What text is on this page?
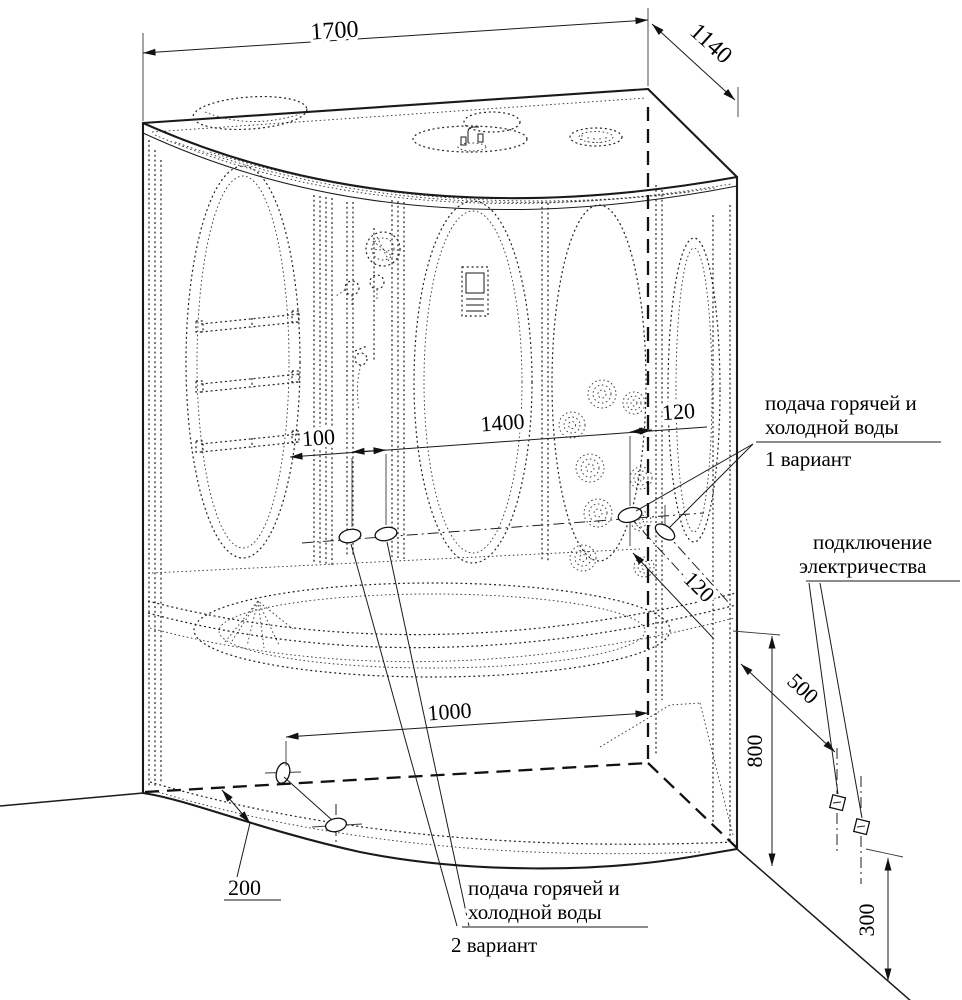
1700	1140
100
1400	120
120
1000
800
500
300
200
подача горячей и
холодной воды
1 вариант
подключение
электричества
подача горячей и
холодной воды
2 вариант
